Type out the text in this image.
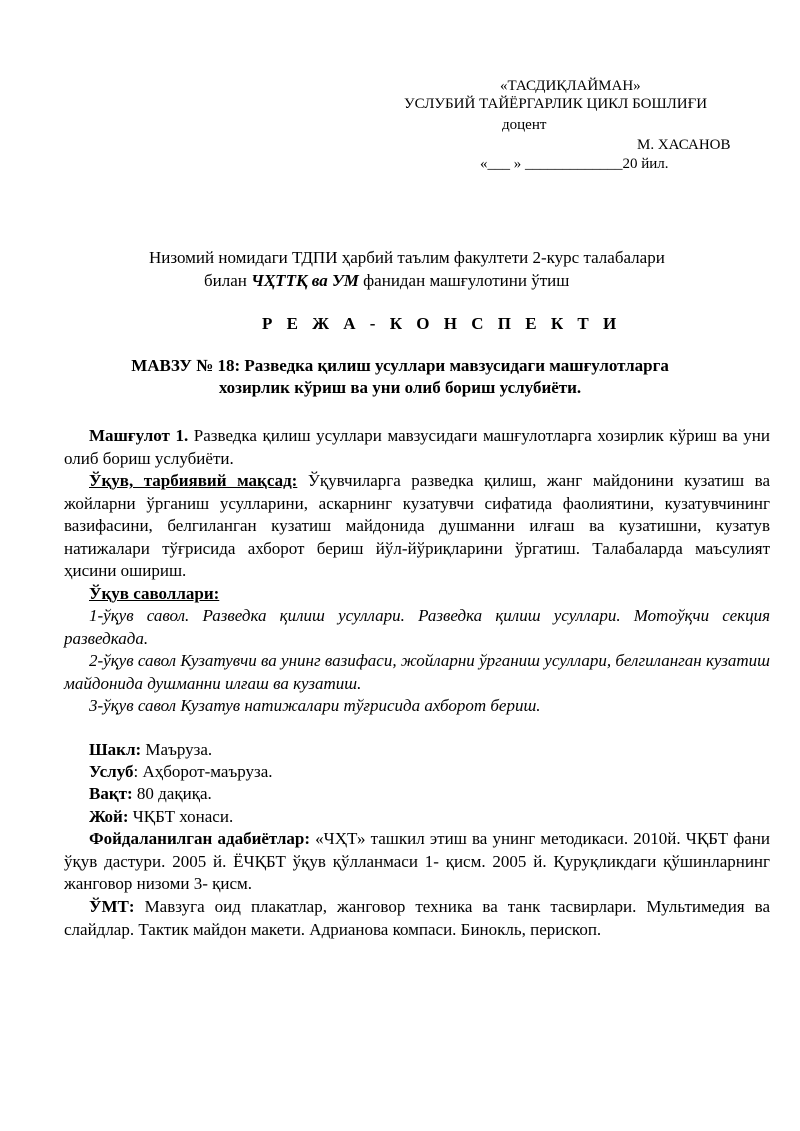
«ТАСДИҚЛАЙМАН»
УСЛУБИЙ ТАЙЁРГАРЛИК ЦИКЛ БОШЛИҒИ
доцент
М. ХАСАНОВ
«___ » _____________20 йил.
Низомий номидаги ТДПИ ҳарбий таълим факултети 2-курс талабалари
билан ЧҲТТҚ ва УМ фанидан машғулотини ўтиш
Р Е Ж А - К О Н С П Е К Т И
МАВЗУ № 18: Разведка қилиш усуллари мавзусидаги машғулотларга
хозирлик кўриш ва уни олиб бориш услубиёти.
Машғулот 1. Разведка қилиш усуллари мавзусидаги машғулотларга хозирлик кўриш ва уни олиб бориш услубиёти.
Ўқув, тарбиявий мақсад: Ўқувчиларга разведка қилиш, жанг майдонини кузатиш ва жойларни ўрганиш усулларини, аскарнинг кузатувчи сифатида фаолиятини, кузатувчининг вазифасини, белгиланган кузатиш майдонида душманни илғаш ва кузатишни, кузатув натижалари тўғрисида ахборот бериш йўл-йўриқларини ўргатиш. Талабаларда маъсулият ҳисини ошириш.
Ўқув саволлари:
1-ўқув савол. Разведка қилиш усуллари. Разведка қилиш усуллари. Мотоўқчи секция разведкада.
2-ўқув савол Кузатувчи ва унинг вазифаси, жойларни ўрганиш усуллари, белгиланган кузатиш майдонида душманни илғаш ва кузатиш.
3-ўқув савол Кузатув натижалари тўғрисида ахборот бериш.
Шакл: Маъруза.
Услуб: Аҳборот-маъруза.
Вақт: 80 дақиқа.
Жой: ЧҚБТ хонаси.
Фойдаланилган адабиётлар: «ЧҲТ» ташкил этиш ва унинг методикаси. 2010й. ЧҚБТ фани ўқув дастури. 2005 й. ЁЧҚБТ ўқув қўлланмаси 1- қисм. 2005 й. Қуруқликдаги қўшинларнинг жанговор низоми 3- қисм.
ЎМТ: Мавзуга оид плакатлар, жанговор техника ва танк тасвирлари. Мультимедия ва слайдлар. Тактик майдон макети. Адрианова компаси. Бинокль, перископ.
